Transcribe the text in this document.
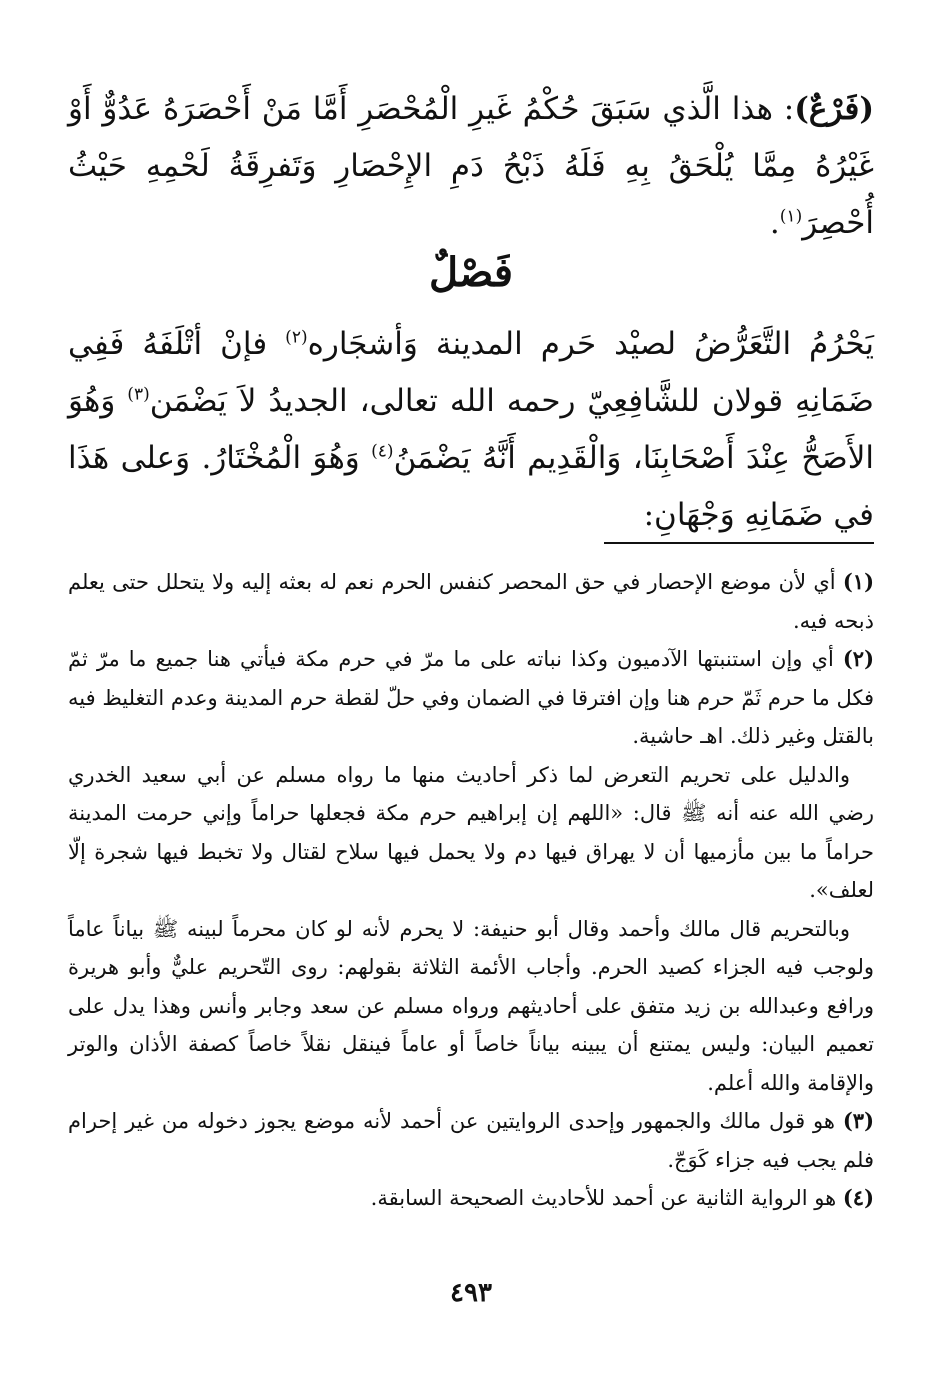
(فَرْعٌ): هذا الَّذي سَبَقَ حُكْمُ غَيرِ الْمُحْصَرِ أَمَّا مَنْ أَحْصَرَهُ عَدُوٌّ أَوْ غَيْرُهُ مِمَّا يُلْحَقُ بِهِ فَلَهُ ذَبْحُ دَمِ الإِحْصَارِ وَتَفرِقَةُ لَحْمِهِ حَيْثُ أُحْصِرَ$^{(١)}$.

فَصْلٌ

يَحْرُمُ التَّعَرُّضُ لصيْد حَرم المدينة وَأشجَاره$^{(٢)}$ فإنْ أتْلَفَهُ فَفِي ضَمَانِهِ قولان للشَّافِعِيّ رحمه الله تعالى، الجديدُ لاَ يَضْمَن$^{(٣)}$ وَهُوَ الأَصَحُّ عِنْدَ أَصْحَابِنَا، وَالْقَدِيم أَنَّهُ يَضْمَنُ$^{(٤)}$ وَهُوَ الْمُخْتَارُ. وَعلى هَذَا في ضَمَانِهِ وَجْهَانِ:

(١) أي لأن موضع الإحصار في حق المحصر كنفس الحرم نعم له بعثه إليه ولا يتحلل حتى يعلم ذبحه فيه.

(٢) أي وإن استنبتها الآدميون وكذا نباته على ما مرّ في حرم مكة فيأتي هنا جميع ما مرّ ثمّ فكل ما حرم ثَمّ حرم هنا وإن افترقا في الضمان وفي حلّ لقطة حرم المدينة وعدم التغليظ فيه بالقتل وغير ذلك. اهـ حاشية.

والدليل على تحريم التعرض لما ذكر أحاديث منها ما رواه مسلم عن أبي سعيد الخدري رضي الله عنه أنه ﷺ قال: «اللهم إن إبراهيم حرم مكة فجعلها حراماً وإني حرمت المدينة حراماً ما بين مأزميها أن لا يهراق فيها دم ولا يحمل فيها سلاح لقتال ولا تخبط فيها شجرة إلّا لعلف».

وبالتحريم قال مالك وأحمد وقال أبو حنيفة: لا يحرم لأنه لو كان محرماً لبينه ﷺ بياناً عاماً ولوجب فيه الجزاء كصيد الحرم. وأجاب الأئمة الثلاثة بقولهم: روى التّحريم عليٌّ وأبو هريرة ورافع وعبدالله بن زيد متفق على أحاديثهم ورواه مسلم عن سعد وجابر وأنس وهذا يدل على تعميم البيان: وليس يمتنع أن يبينه بياناً خاصاً أو عاماً فينقل نقلاً خاصاً كصفة الأذان والوتر والإقامة والله أعلم.

(٣) هو قول مالك والجمهور وإحدى الروايتين عن أحمد لأنه موضع يجوز دخوله من غير إحرام فلم يجب فيه جزاء كَوَجّ.

(٤) هو الرواية الثانية عن أحمد للأحاديث الصحيحة السابقة.

٤٩٣
